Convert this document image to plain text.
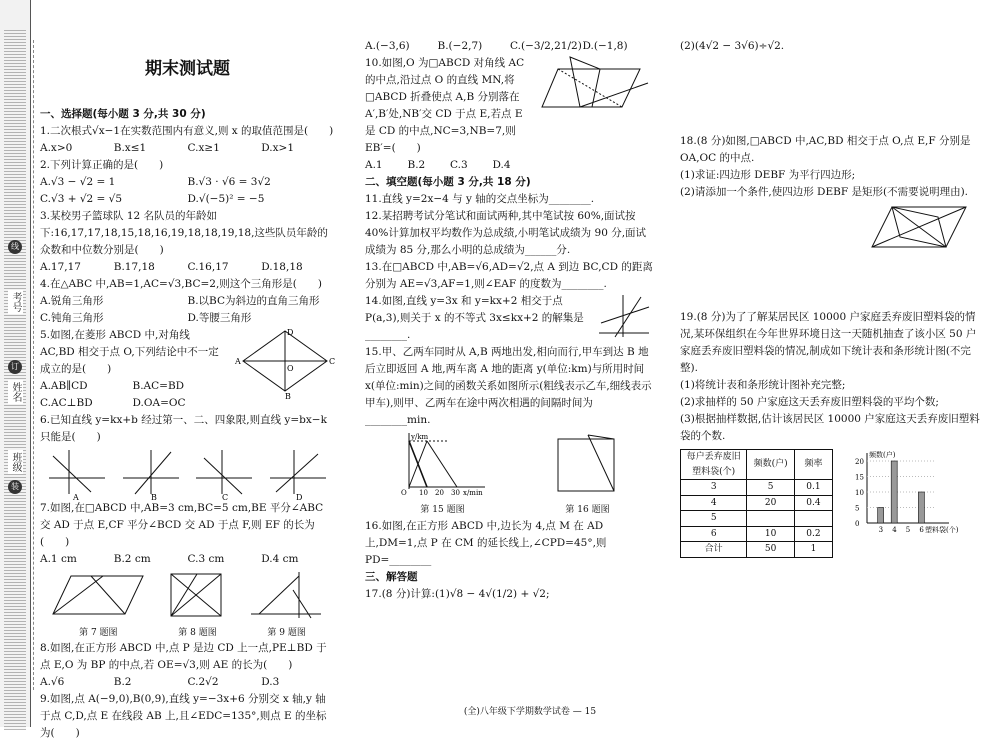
考号
姓名
班级
线
订
装
期末测试题
一、选择题(每小题 3 分,共 30 分)

1.二次根式√x−1在实数范围内有意义,则 x 的取值范围是(　　)

A.x>0	B.x≤1	C.x≥1	D.x>1

2.下列计算正确的是(　　)

A.√3 − √2 = 1	B.√3 · √6 = 3√2
C.√3 + √2 = √5	D.√(−5)² = −5

3.某校男子篮球队 12 名队员的年龄如下:16,17,17,18,15,18,16,19,18,18,19,18,这些队员年龄的众数和中位数分别是(　　)

A.17,17	B.17,18	C.16,17	D.18,18

4.在△ABC 中,AB=1,AC=√3,BC=2,则这个三角形是(　　)

A.锐角三角形	B.以BC为斜边的直角三角形
C.钝角三角形	D.等腰三角形

5.如图,在菱形 ABCD 中,对角线 AC,BD 相交于点 O,下列结论中不一定成立的是(　　)

A	C
D
B
O
A.AB∥CD	B.AC=BD
C.AC⊥BD	D.OA=OC

6.已知直线 y=kx+b 经过第一、二、四象限,则直线 y=bx−k 只能是(　　)

A	B	C	D

7.如图,在□ABCD 中,AB=3 cm,BC=5 cm,BE 平分∠ABC 交 AD 于点 E,CF 平分∠BCD 交 AD 于点 F,则 EF 的长为(　　)

A.1 cm	B.2 cm	C.3 cm	D.4 cm
第 7 题图	第 8 题图	第 9 题图

8.如图,在正方形 ABCD 中,点 P 是边 CD 上一点,PE⊥BD 于点 E,O 为 BP 的中点,若 OE=√3,则 AE 的长为(　　)

A.√6	B.2	C.2√2	D.3

9.如图,点 A(−9,0),B(0,9),直线 y=−3x+6 分别交 x 轴,y 轴于点 C,D,点 E 在线段 AB 上,且∠EDC=135°,则点 E 的坐标为(　　)

A.(−3,6)	B.(−2,7)	C.(−3/2,21/2) D.(−1,8)

10.如图,O 为□ABCD 对角线 AC 的中点,沿过点 O 的直线 MN,将□ABCD 折叠使点 A,B 分别落在 A′,B′处,NB′交 CD 于点 E,若点 E 是 CD 的中点,NC=3,NB=7,则 EB′=(　　)

A.1	B.2	C.3	D.4
二、填空题(每小题 3 分,共 18 分)

11.直线 y=2x−4 与 y 轴的交点坐标为________.

12.某招聘考试分笔试和面试两种,其中笔试按 60%,面试按 40%计算加权平均数作为总成绩,小明笔试成绩为 90 分,面试成绩为 85 分,那么小明的总成绩为______分.

13.在□ABCD 中,AB=√6,AD=√2,点 A 到边 BC,CD 的距离分别为 AE=√3,AF=1,则∠EAF 的度数为________.

14.如图,直线 y=3x 和 y=kx+2 相交于点 P(a,3),则关于 x 的不等式 3x≤kx+2 的解集是________.

15.甲、乙两车同时从 A,B 两地出发,相向而行,甲车到达 B 地后立即返回 A 地,两车离 A 地的距离 y(单位:km)与所用时间 x(单位:min)之间的函数关系如图所示(粗线表示乙车,细线表示甲车),则甲、乙两车在途中两次相遇的间隔时间为________min.

y/km
O 10 20 30 x/min
第 15 题图	第 16 题图

16.如图,在正方形 ABCD 中,边长为 4,点 M 在 AD 上,DM=1,点 P 在 CM 的延长线上,∠CPD=45°,则 PD=________

三、解答题

17.(8 分)计算:(1)√8 − 4√(1/2) + √2;

(2)(4√2 − 3√6)÷√2.

18.(8 分)如图,□ABCD 中,AC,BD 相交于点 O,点 E,F 分别是 OA,OC 的中点.

(1)求证:四边形 DEBF 为平行四边形;

(2)请添加一个条件,使四边形 DEBF 是矩形(不需要说明理由).

19.(8 分)为了了解某居民区 10000 户家庭丢弃废旧塑料袋的情况,某环保组织在今年世界环境日这一天随机抽查了该小区 50 户家庭丢弃废旧塑料袋的情况,制成如下统计表和条形统计图(不完整).

(1)将统计表和条形统计图补充完整;

(2)求抽样的 50 户家庭这天丢弃废旧塑料袋的平均个数;

(3)根据抽样数据,估计该居民区 10000 户家庭这天丢弃废旧塑料袋的个数.

每户丢弃废旧塑料袋(个)	频数(户)	频率
3	5	0.1
4	20	0.4
5		
6	10	0.2
合计	50	1
0
5
10
15
20
3 4 5 6
频数(户)
塑料袋(个)
(全)八年级下学期数学试卷 — 15
